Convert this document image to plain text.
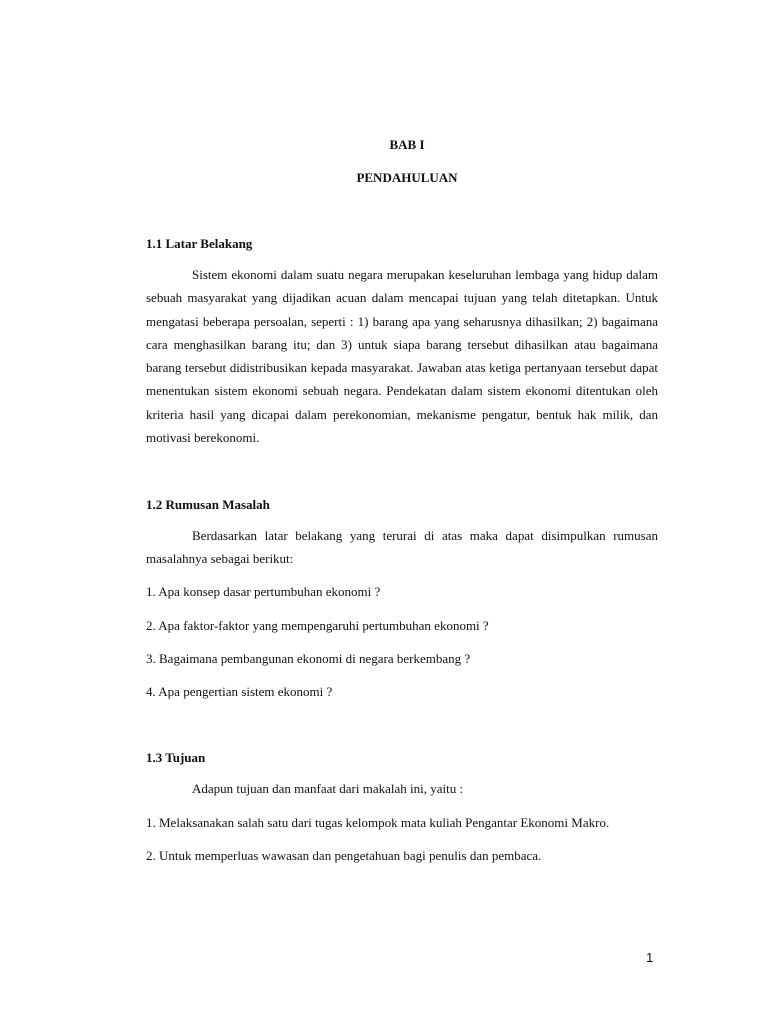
BAB I
PENDAHULUAN
1.1 Latar Belakang

Sistem ekonomi dalam suatu negara merupakan keseluruhan lembaga yang hidup dalam sebuah masyarakat yang dijadikan acuan dalam mencapai tujuan yang telah ditetapkan. Untuk mengatasi beberapa persoalan, seperti : 1) barang apa yang seharusnya dihasilkan; 2) bagaimana cara menghasilkan barang itu; dan 3) untuk siapa barang tersebut dihasilkan atau bagaimana barang tersebut didistribusikan kepada masyarakat. Jawaban atas ketiga pertanyaan tersebut dapat menentukan sistem ekonomi sebuah negara. Pendekatan dalam sistem ekonomi ditentukan oleh kriteria hasil yang dicapai dalam perekonomian, mekanisme pengatur, bentuk hak milik, dan motivasi berekonomi.

1.2 Rumusan Masalah

Berdasarkan latar belakang yang terurai di atas maka dapat disimpulkan rumusan masalahnya sebagai berikut:

1. Apa konsep dasar pertumbuhan ekonomi ?
2. Apa faktor-faktor yang mempengaruhi pertumbuhan ekonomi ?
3. Bagaimana pembangunan ekonomi di negara berkembang ?
4. Apa pengertian sistem ekonomi ?
1.3 Tujuan
Adapun tujuan dan manfaat dari makalah ini, yaitu :
1. Melaksanakan salah satu dari tugas kelompok mata kuliah Pengantar Ekonomi Makro.
2. Untuk memperluas wawasan dan pengetahuan bagi penulis dan pembaca.
1
